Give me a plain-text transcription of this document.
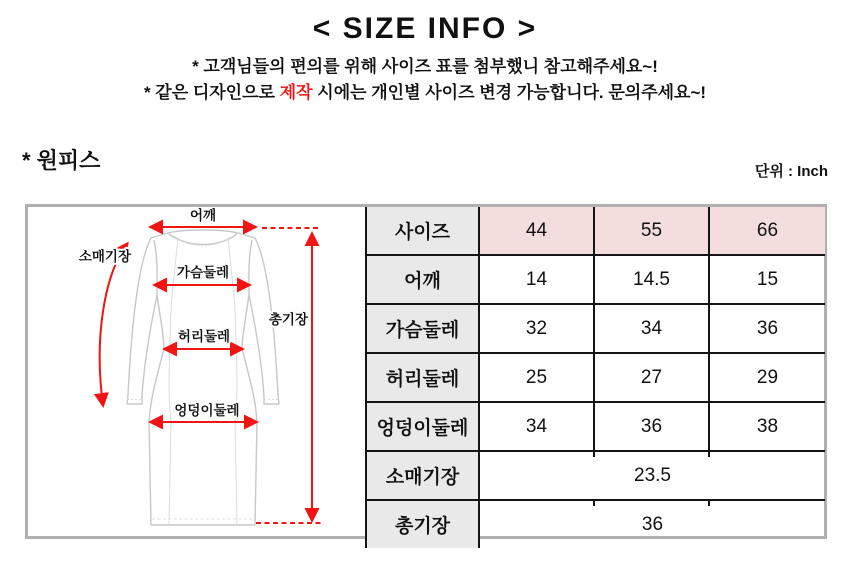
< SIZE INFO >
* 고객님들의 편의를 위해 사이즈 표를 첨부했니 참고해주세요~!
* 같은 디자인으로 제작 시에는 개인별 사이즈 변경 가능합니다. 문의주세요~!
* 원피스	단위 : Inch
어깨
소매기장
가슴둘레
허리둘레
엉덩이둘레
총기장
사이즈	44	55	66
어깨	14	14.5	15
가슴둘레	32	34	36
허리둘레	25	27	29
엉덩이둘레	34	36	38
소매기장	23.5		
총기장	36		
